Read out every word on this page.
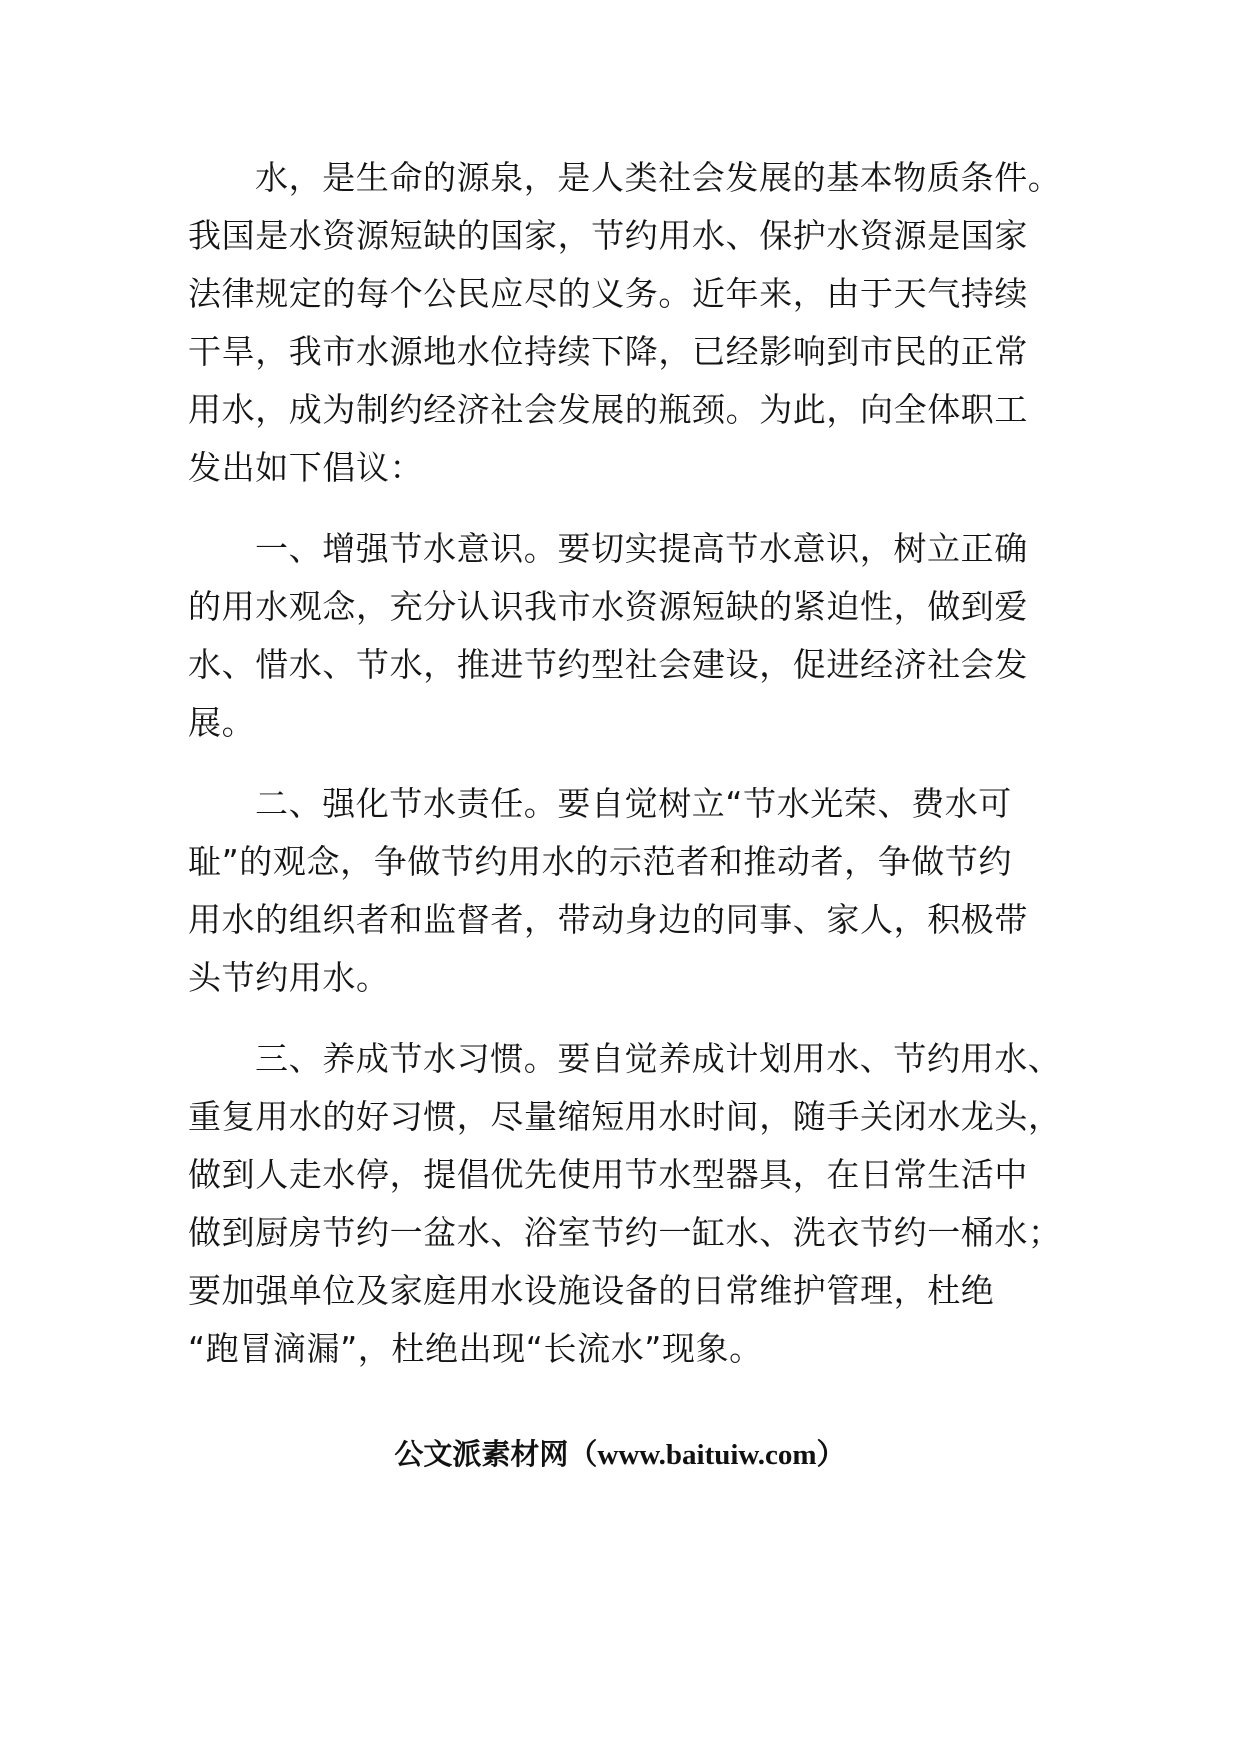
水，是生命的源泉，是人类社会发展的基本物质条件。
我国是水资源短缺的国家，节约用水、保护水资源是国家
法律规定的每个公民应尽的义务。近年来，由于天气持续
干旱，我市水源地水位持续下降，已经影响到市民的正常
用水，成为制约经济社会发展的瓶颈。为此，向全体职工
发出如下倡议：
一、增强节水意识。要切实提高节水意识，树立正确
的用水观念，充分认识我市水资源短缺的紧迫性，做到爱
水、惜水、节水，推进节约型社会建设，促进经济社会发
展。
二、强化节水责任。要自觉树立“节水光荣、费水可
耻”的观念，争做节约用水的示范者和推动者，争做节约
用水的组织者和监督者，带动身边的同事、家人，积极带
头节约用水。
三、养成节水习惯。要自觉养成计划用水、节约用水、
重复用水的好习惯，尽量缩短用水时间，随手关闭水龙头，
做到人走水停，提倡优先使用节水型器具，在日常生活中
做到厨房节约一盆水、浴室节约一缸水、洗衣节约一桶水；
要加强单位及家庭用水设施设备的日常维护管理，杜绝
“跑冒滴漏”，杜绝出现“长流水”现象。
公文派素材网（www.baituiw.com）
